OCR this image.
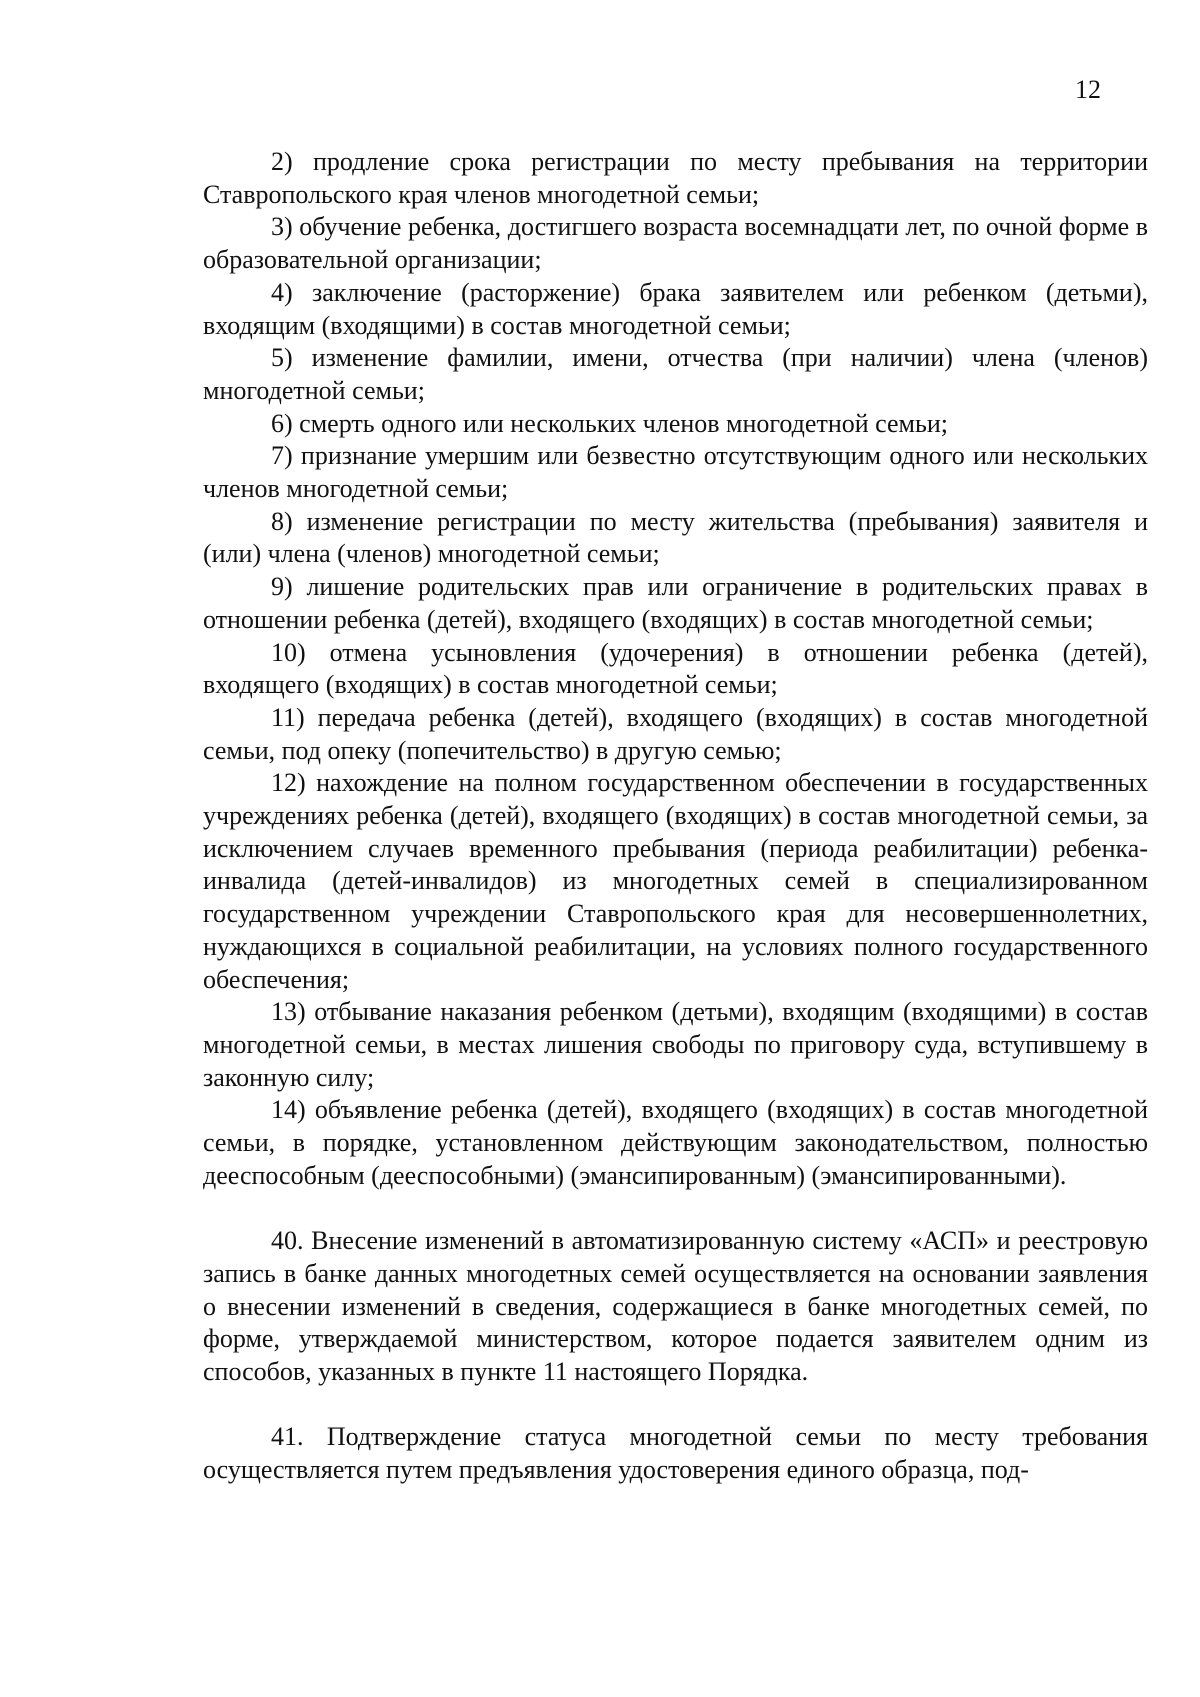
12

2) продление срока регистрации по месту пребывания на территории Ставропольского края членов многодетной семьи;

3) обучение ребенка, достигшего возраста восемнадцати лет, по очной форме в образовательной организации;

4) заключение (расторжение) брака заявителем или ребенком (детьми), входящим (входящими) в состав многодетной семьи;

5) изменение фамилии, имени, отчества (при наличии) члена (членов) многодетной семьи;

6) смерть одного или нескольких членов многодетной семьи;

7) признание умершим или безвестно отсутствующим одного или нескольких членов многодетной семьи;

8) изменение регистрации по месту жительства (пребывания) заявителя и (или) члена (членов) многодетной семьи;

9) лишение родительских прав или ограничение в родительских правах в отношении ребенка (детей), входящего (входящих) в состав многодетной семьи;

10) отмена усыновления (удочерения) в отношении ребенка (детей), входящего (входящих) в состав многодетной семьи;

11) передача ребенка (детей), входящего (входящих) в состав многодетной семьи, под опеку (попечительство) в другую семью;

12) нахождение на полном государственном обеспечении в государственных учреждениях ребенка (детей), входящего (входящих) в состав многодетной семьи, за исключением случаев временного пребывания (периода реабилитации) ребенка-инвалида (детей-инвалидов) из многодетных семей в специализированном государственном учреждении Ставропольского края для несовершеннолетних, нуждающихся в социальной реабилитации, на условиях полного государственного обеспечения;

13) отбывание наказания ребенком (детьми), входящим (входящими) в состав многодетной семьи, в местах лишения свободы по приговору суда, вступившему в законную силу;

14) объявление ребенка (детей), входящего (входящих) в состав многодетной семьи, в порядке, установленном действующим законодательством, полностью дееспособным (дееспособными) (эмансипированным) (эмансипированными).

40. Внесение изменений в автоматизированную систему «АСП» и реестровую запись в банке данных многодетных семей осуществляется на основании заявления о внесении изменений в сведения, содержащиеся в банке многодетных семей, по форме, утверждаемой министерством, которое подается заявителем одним из способов, указанных в пункте 11 настоящего Порядка.

41. Подтверждение статуса многодетной семьи по месту требования осуществляется путем предъявления удостоверения единого образца, под-
